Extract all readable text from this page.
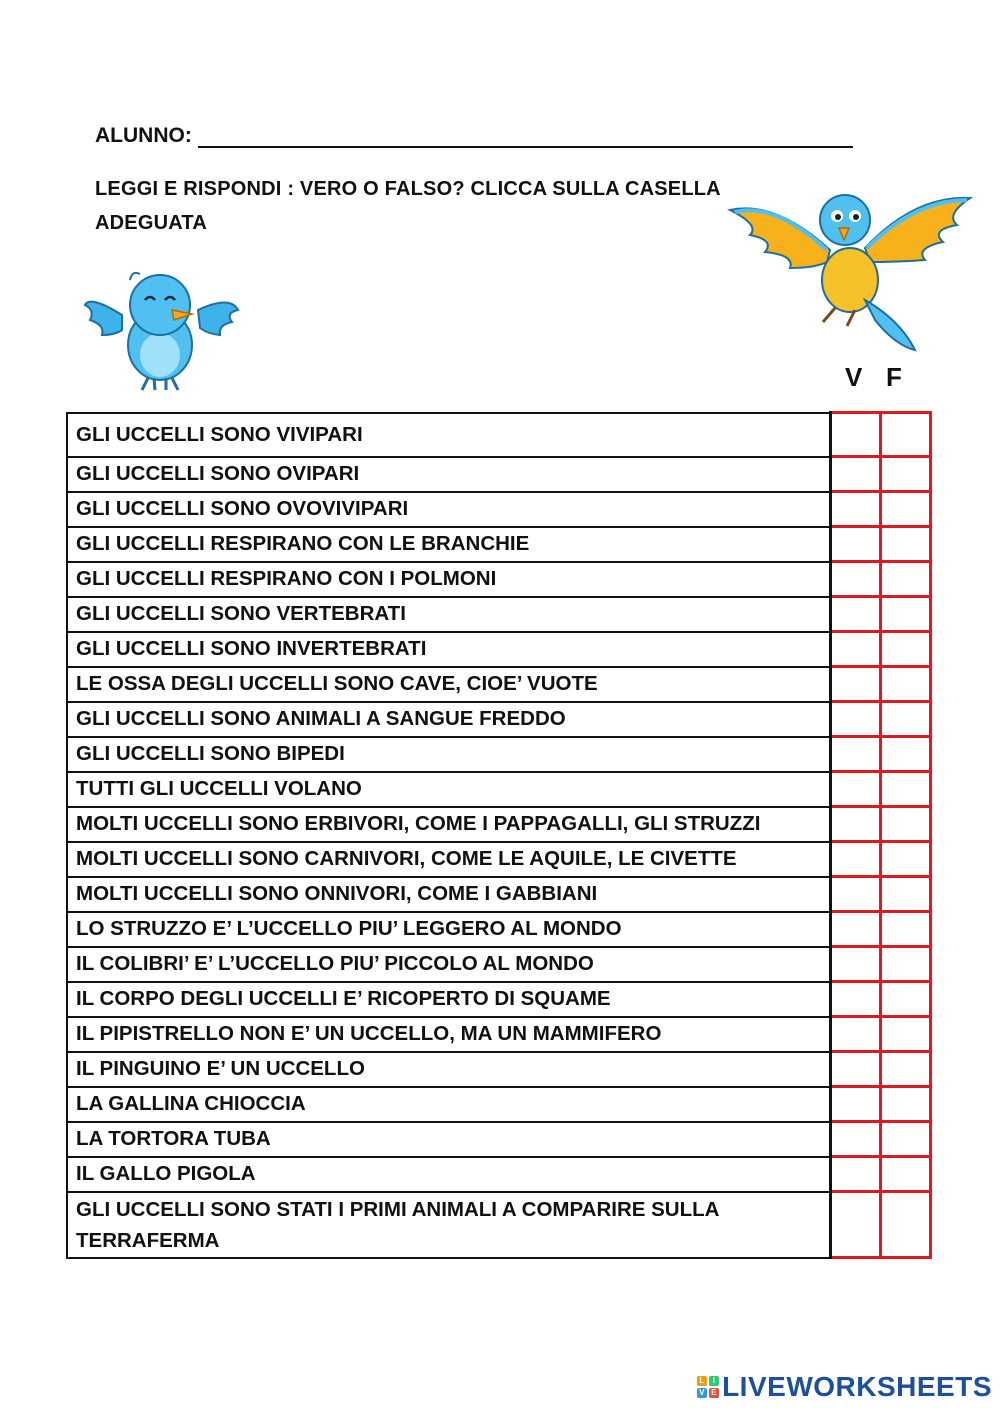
ALUNNO:
LEGGI E RISPONDI : VERO O FALSO? CLICCA SULLA CASELLA ADEGUATA
V F
GLI UCCELLI SONO VIVIPARI		
GLI UCCELLI SONO OVIPARI		
GLI UCCELLI SONO OVOVIVIPARI		
GLI UCCELLI RESPIRANO CON LE BRANCHIE		
GLI UCCELLI RESPIRANO CON I POLMONI		
GLI UCCELLI SONO VERTEBRATI		
GLI UCCELLI SONO INVERTEBRATI		
LE OSSA DEGLI UCCELLI SONO CAVE, CIOE’ VUOTE		
GLI UCCELLI SONO ANIMALI A SANGUE FREDDO		
GLI UCCELLI SONO BIPEDI		
TUTTI GLI UCCELLI VOLANO		
MOLTI UCCELLI SONO ERBIVORI, COME I PAPPAGALLI, GLI STRUZZI		
MOLTI UCCELLI SONO CARNIVORI, COME LE AQUILE, LE CIVETTE		
MOLTI UCCELLI SONO ONNIVORI, COME I GABBIANI		
LO STRUZZO E’ L’UCCELLO PIU’ LEGGERO AL MONDO		
IL COLIBRI’ E’ L’UCCELLO PIU’ PICCOLO AL MONDO		
IL CORPO DEGLI UCCELLI E’ RICOPERTO DI SQUAME		
IL PIPISTRELLO NON E’ UN UCCELLO, MA UN MAMMIFERO		
IL PINGUINO E’ UN UCCELLO		
LA GALLINA CHIOCCIA		
LA TORTORA TUBA		
IL GALLO PIGOLA		
GLI UCCELLI SONO STATI I PRIMI ANIMALI A COMPARIRE SULLA TERRAFERMA		
L I
V E LIVEWORKSHEETS
